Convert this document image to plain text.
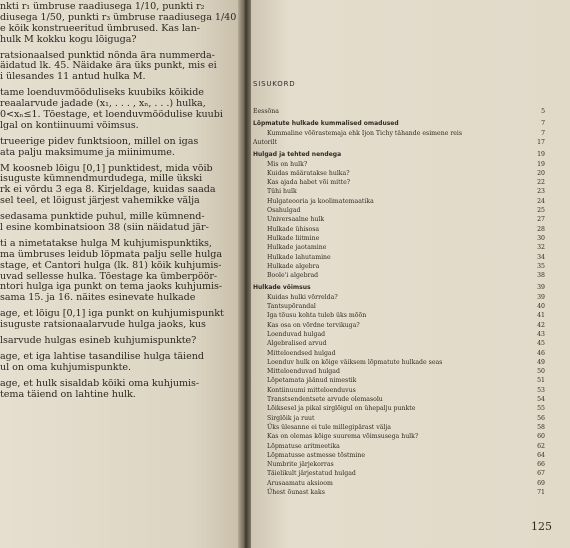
nkti r₁ ümbruse raadiusega 1/10, punkti r₂
diusega 1/50, punkti r₃ ümbruse raadiusega 1/40
e kõik konstrueeritud ümbrused. Kas lan-
hulk M kokku kogu lõiguga?
ratsionaalsed punktid nõnda ära nummerda-
äidatud lk. 45. Näidake ära üks punkt, mis ei
i ülesandes 11 antud hulka M.
tame loenduvmõõduliseks kuubiks kõikide
reaalarvude jadade (x₁, . . . , xₙ, . . .) hulka,
0<xₙ≤1. Tõestage, et loenduvmõõdulise kuubi
lgal on kontiinuumi võimsus.
trueerige pidev funktsioon, millel on igas
ata palju maksimume ja miinimume.
M koosneb lõigu [0,1] punktidest, mida võib
isuguste kümnendmurdudega, mille ükski
rk ei võrdu 3 ega 8. Kirjeldage, kuidas saada
sel teel, et lõigust järjest vahemikke välja
sedasama punktide puhul, mille kümnend-
l esine kombinatsioon 38 (siin näidatud jär-
ti a nimetatakse hulga M kuhjumispunktiks,
ma ümbruses leidub lõpmata palju selle hulga
stage, et Cantori hulga (lk. 81) kõik kuhjumis-
uvad sellesse hulka. Tõestage ka ümberpöör-
ntori hulga iga punkt on tema jaoks kuhjumis-
sama 15. ja 16. näites esinevate hulkade
age, et lõigu [0,1] iga punkt on kuhjumispunkt
isuguste ratsionaalarvude hulga jaoks, kus
lsarvude hulgas esineb kuhjumispunkte?
age, et iga lahtise tasandilise hulga täiend
ul on oma kuhjumispunkte.
age, et hulk sisaldab kõiki oma kuhjumis-
tema täiend on lahtine hulk.
SISUKORD
Eessõna	5
Lõpmatute hulkade kummalised omadused	7
Kummaline võõrastemaja ehk Ijon Tichy tähande esimene reis	7
Autorilt	17
Hulgad ja tehted nendega	19
Mis on hulk?	19
Kuidas määratakse hulka?	20
Kas ajada habet või mitte?	22
Tühi hulk	23
Hulgateooria ja koolimatemaatika	24
Osahulgad	25
Universaalne hulk	27
Hulkade ühisosa	28
Hulkade liitmine	30
Hulkade jaotamine	32
Hulkade lahutamine	34
Hulkade algebra	35
Boole'i algebrad	38
Hulkade võimsus	39
Kuidas hulki võrrelda?	39
Tantsupõrandal	40
Iga tõusu kohta tuleb üks mõõn	41
Kas osa on võrdne tervikuga?	42
Loenduvad hulgad	43
Algebralised arvud	45
Mitteloendsed hulgad	46
Loenduv hulk on kõige väiksem lõpmatute hulkade seas	49
Mitteloenduvad hulgad	50
Lõpetamata jäänud nimestik	51
Kontiinuumi mitteloenduvus	53
Transtsendentsete arvude olemasolu	54
Lõiksesel ja pikal sirglõigul on ühepalju punkte	55
Sirglõik ja ruut	56
Üks ülesanne ei tule millegipärast välja	58
Kas on olemas kõige suurema võimsusega hulk?	60
Lõpmatuse aritmeetika	62
Lõpmatusse astmesse tõstmine	64
Numbrite järjekorras	66
Täielikult järjestatud hulgad	67
Arusaamatu aksioom	69
Ühest õunast kaks	71
125
